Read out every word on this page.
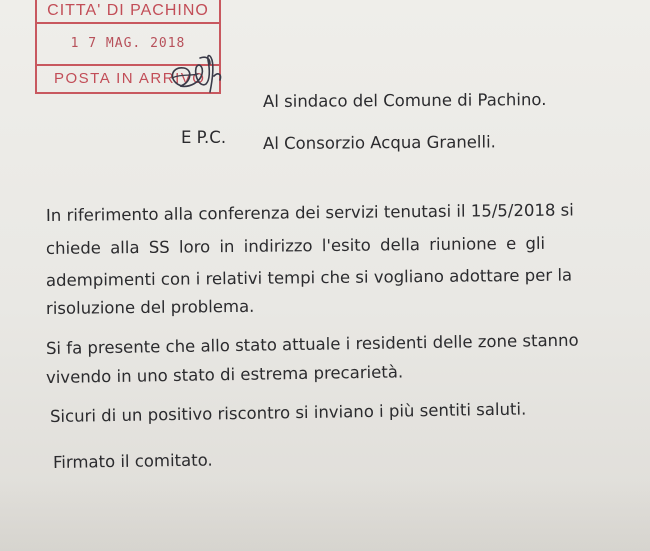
CITTA' DI PACHINO
1 7 MAG. 2018
POSTA IN ARRIVO
Al sindaco del Comune di Pachino.
E P.C. Al Consorzio Acqua Granelli.
In riferimento alla conferenza dei servizi tenutasi il 15/5/2018 si
chiede alla SS loro in indirizzo l'esito della riunione e gli
adempimenti con i relativi tempi che si vogliano adottare per la
risoluzione del problema.
Si fa presente che allo stato attuale i residenti delle zone stanno
vivendo in uno stato di estrema precarietà.
Sicuri di un positivo riscontro si inviano i più sentiti saluti.
Firmato il comitato.
